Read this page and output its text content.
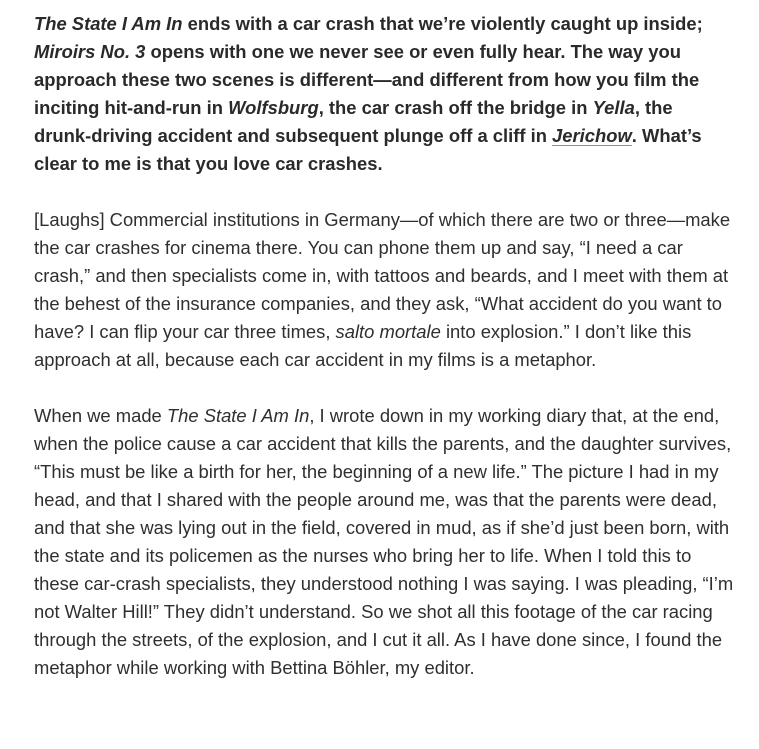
The State I Am In ends with a car crash that we’re violently caught up inside; Miroirs No. 3 opens with one we never see or even fully hear. The way you approach these two scenes is different—and different from how you film the inciting hit-and-run in Wolfsburg, the car crash off the bridge in Yella, the drunk-driving accident and subsequent plunge off a cliff in Jerichow. What’s clear to me is that you love car crashes.

[Laughs] Commercial institutions in Germany—of which there are two or three—make the car crashes for cinema there. You can phone them up and say, “I need a car crash,” and then specialists come in, with tattoos and beards, and I meet with them at the behest of the insurance companies, and they ask, “What accident do you want to have? I can flip your car three times, salto mortale into explosion.” I don’t like this approach at all, because each car accident in my films is a metaphor.

When we made The State I Am In, I wrote down in my working diary that, at the end, when the police cause a car accident that kills the parents, and the daughter survives, “This must be like a birth for her, the beginning of a new life.” The picture I had in my head, and that I shared with the people around me, was that the parents were dead, and that she was lying out in the field, covered in mud, as if she’d just been born, with the state and its policemen as the nurses who bring her to life. When I told this to these car-crash specialists, they understood nothing I was saying. I was pleading, “I’m not Walter Hill!” They didn’t understand. So we shot all this footage of the car racing through the streets, of the explosion, and I cut it all. As I have done since, I found the metaphor while working with Bettina Böhler, my editor.
